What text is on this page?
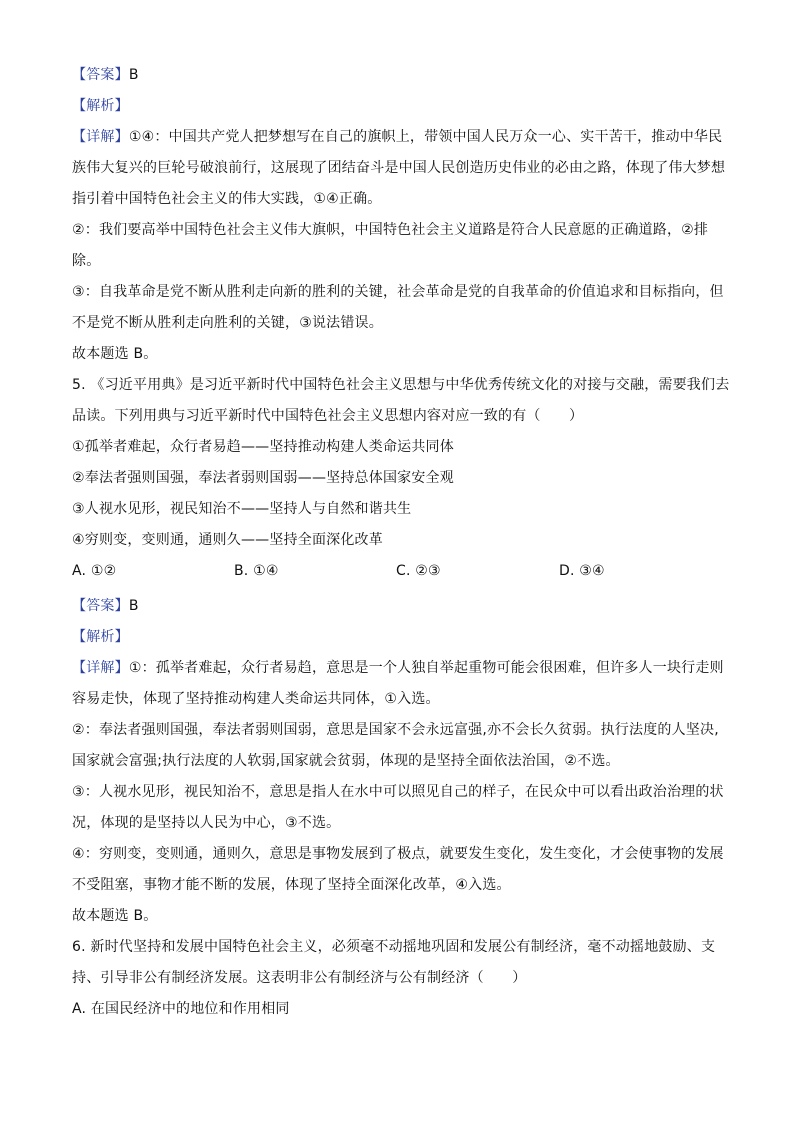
【答案】B
【解析】
【详解】①④：中国共产党人把梦想写在自己的旗帜上，带领中国人民万众一心、实干苦干，推动中华民
族伟大复兴的巨轮号破浪前行，这展现了团结奋斗是中国人民创造历史伟业的必由之路，体现了伟大梦想
指引着中国特色社会主义的伟大实践，①④正确。
②：我们要高举中国特色社会主义伟大旗帜，中国特色社会主义道路是符合人民意愿的正确道路，②排
除。
③：自我革命是党不断从胜利走向新的胜利的关键，社会革命是党的自我革命的价值追求和目标指向，但
不是党不断从胜利走向胜利的关键，③说法错误。
故本题选 B。
5. 《习近平用典》是习近平新时代中国特色社会主义思想与中华优秀传统文化的对接与交融，需要我们去
品读。下列用典与习近平新时代中国特色社会主义思想内容对应一致的有（　　）
①孤举者难起，众行者易趋——坚持推动构建人类命运共同体
②奉法者强则国强，奉法者弱则国弱——坚持总体国家安全观
③人视水见形，视民知治不——坚持人与自然和谐共生
④穷则变，变则通，通则久——坚持全面深化改革
A. ①②	B. ①④	C. ②③	D. ③④
【答案】B
【解析】
【详解】①：孤举者难起，众行者易趋，意思是一个人独自举起重物可能会很困难，但许多人一块行走则
容易走快，体现了坚持推动构建人类命运共同体，①入选。
②：奉法者强则国强，奉法者弱则国弱，意思是国家不会永远富强,亦不会长久贫弱。执行法度的人坚决,
国家就会富强;执行法度的人软弱,国家就会贫弱，体现的是坚持全面依法治国，②不选。
③：人视水见形，视民知治不，意思是指人在水中可以照见自己的样子，在民众中可以看出政治治理的状
况，体现的是坚持以人民为中心，③不选。
④：穷则变，变则通，通则久，意思是事物发展到了极点，就要发生变化，发生变化，才会使事物的发展
不受阻塞，事物才能不断的发展，体现了坚持全面深化改革，④入选。
故本题选 B。
6. 新时代坚持和发展中国特色社会主义，必须毫不动摇地巩固和发展公有制经济，毫不动摇地鼓励、支
持、引导非公有制经济发展。这表明非公有制经济与公有制经济（　　）
A. 在国民经济中的地位和作用相同
